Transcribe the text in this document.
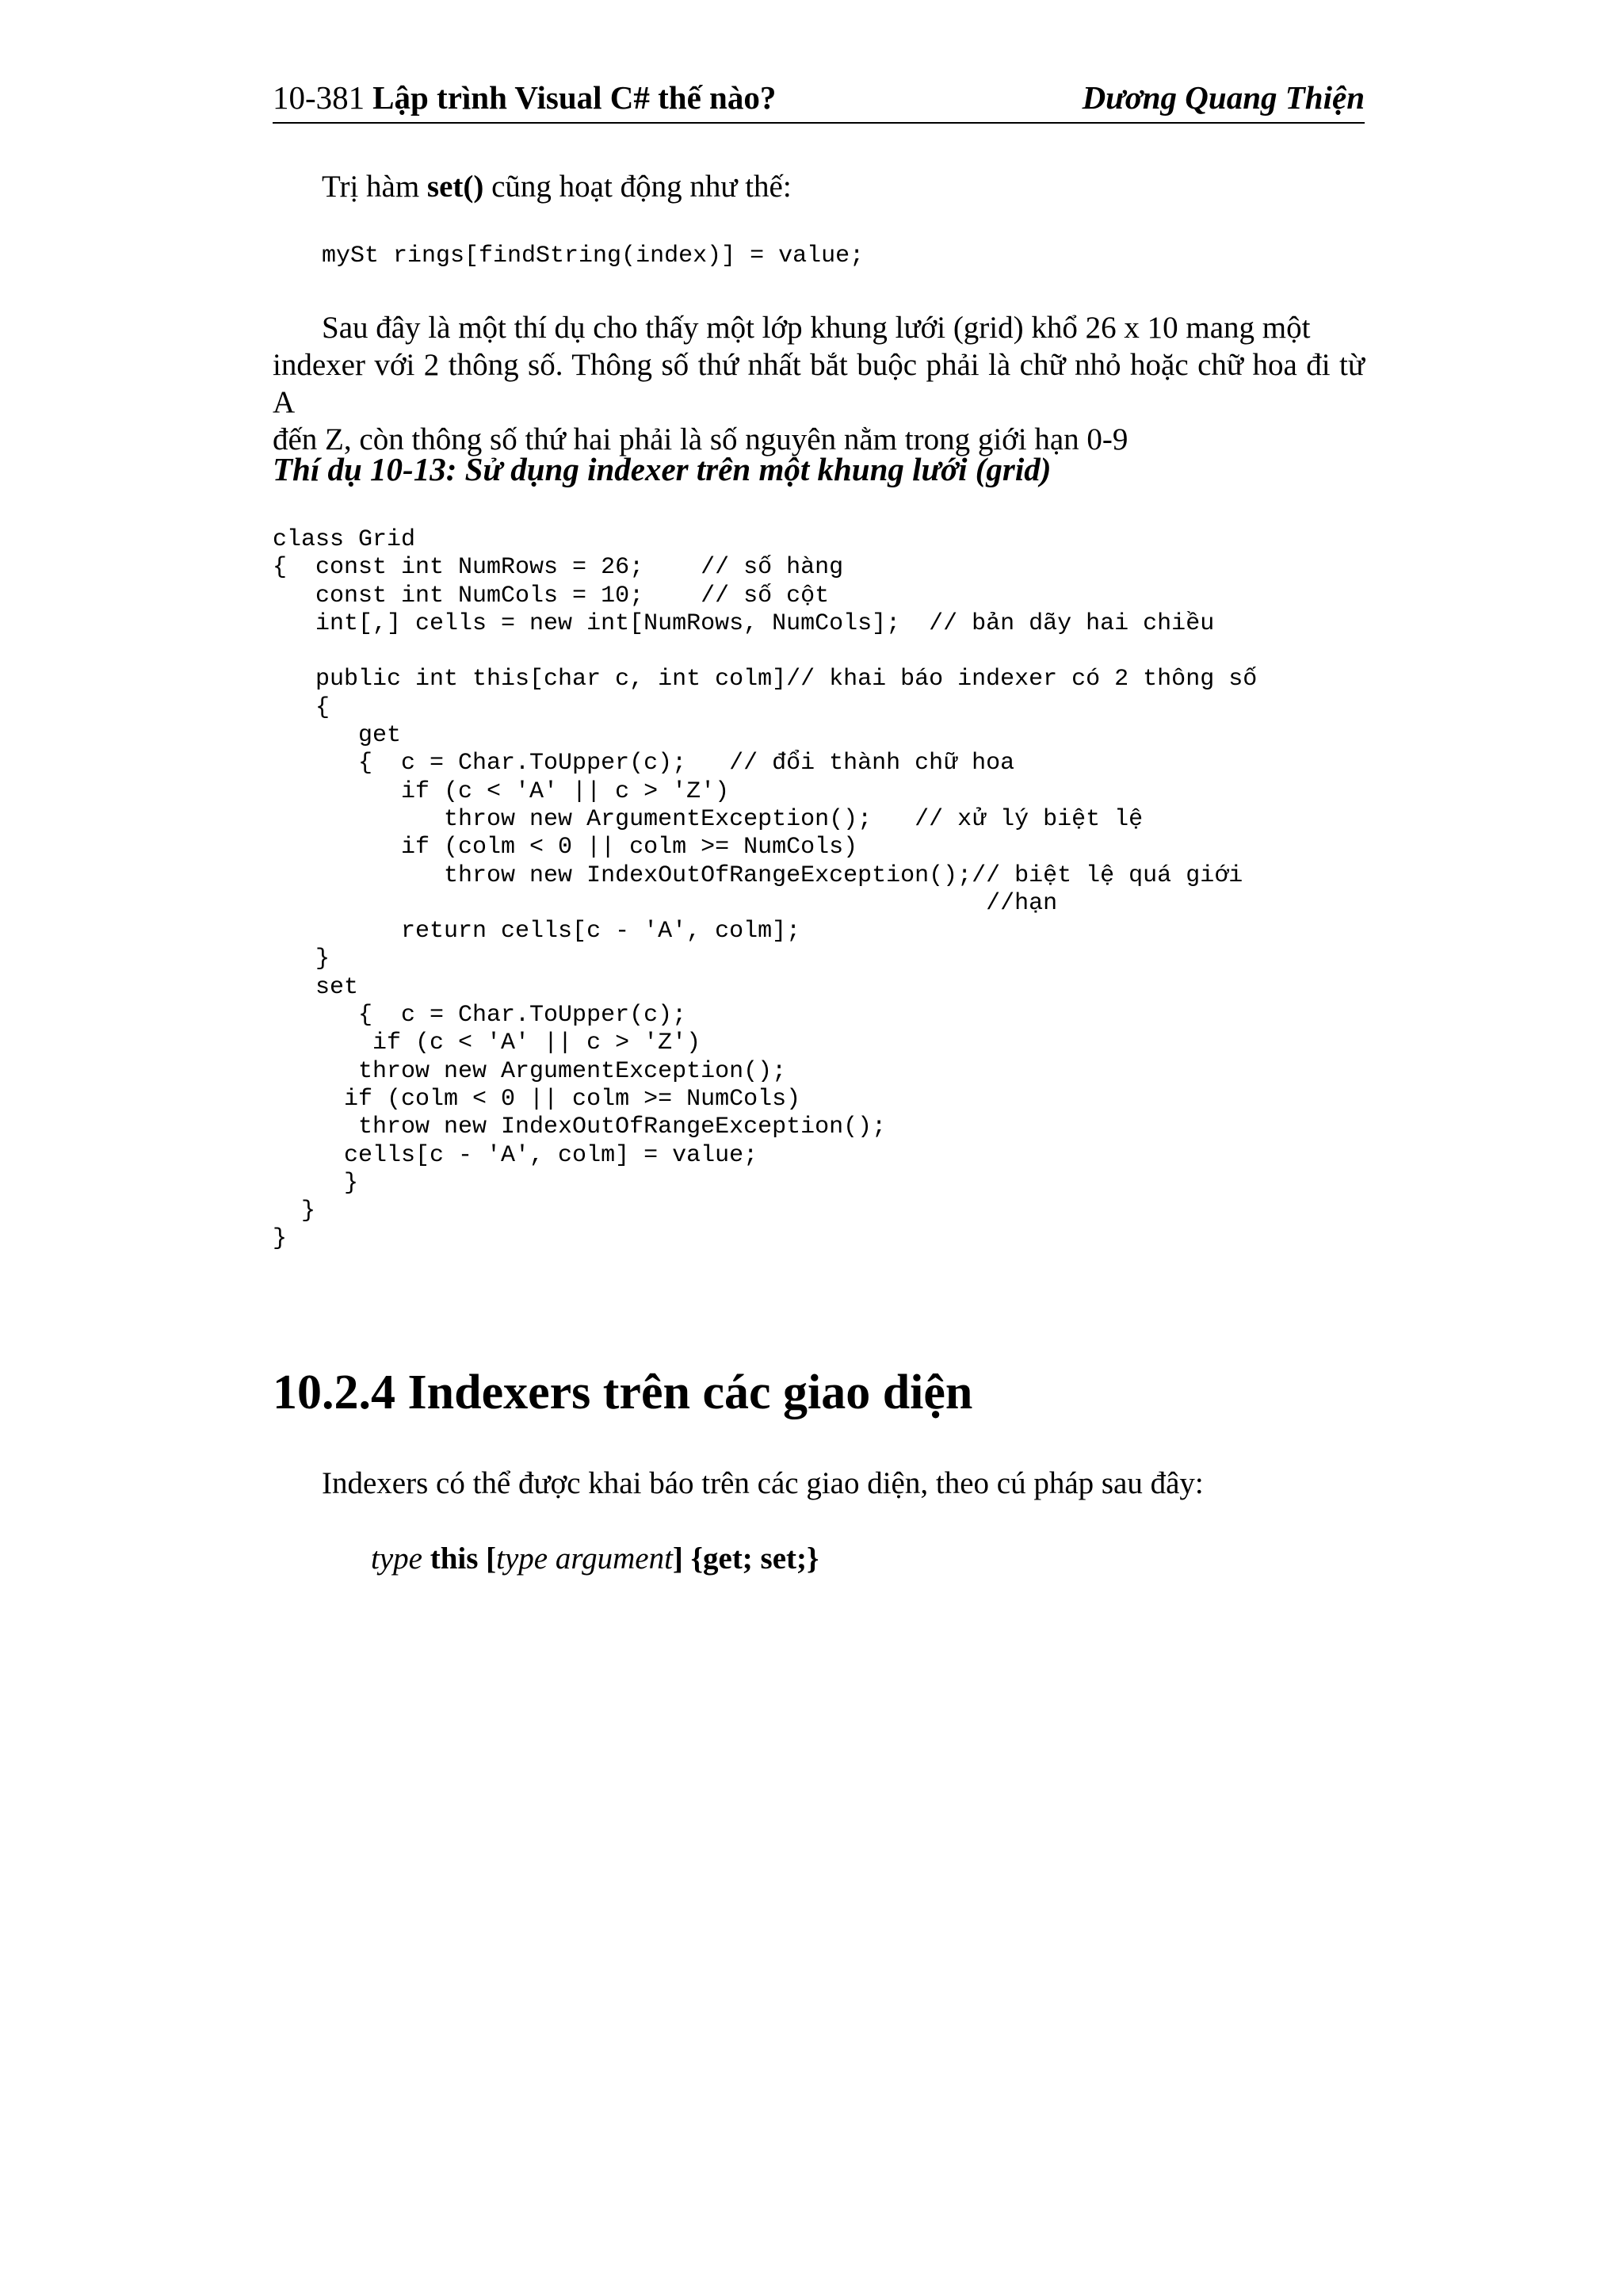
10-381 Lập trình Visual C# thế nào?	Dương Quang Thiện
Trị hàm set() cũng hoạt động như thế:
mySt rings[findString(index)] = value;
Sau đây là một thí dụ cho thấy một lớp khung lưới (grid) khổ 26 x 10 mang một
indexer với 2 thông số. Thông số thứ nhất bắt buộc phải là chữ nhỏ hoặc chữ hoa đi từ A
đến Z, còn thông số thứ hai phải là số nguyên nằm trong giới hạn 0-9
Thí dụ 10-13: Sử dụng indexer trên một khung lưới (grid)
class Grid
{  const int NumRows = 26;    // số hàng
const int NumCols = 10;    // số cột
int[,] cells = new int[NumRows, NumCols];  // bản dãy hai chiều

public int this[char c, int colm]// khai báo indexer có 2 thông số
{
get
{  c = Char.ToUpper(c);   // đổi thành chữ hoa
if (c < 'A' || c > 'Z')
throw new ArgumentException();   // xử lý biệt lệ
if (colm < 0 || colm >= NumCols)
throw new IndexOutOfRangeException();// biệt lệ quá giới
//hạn
return cells[c - 'A', colm];
}
set
{  c = Char.ToUpper(c);
if (c < 'A' || c > 'Z')
throw new ArgumentException();
if (colm < 0 || colm >= NumCols)
throw new IndexOutOfRangeException();
cells[c - 'A', colm] = value;
}
}
}
10.2.4 Indexers trên các giao diện
Indexers có thể được khai báo trên các giao diện, theo cú pháp sau đây:
type this [type argument] {get; set;}
